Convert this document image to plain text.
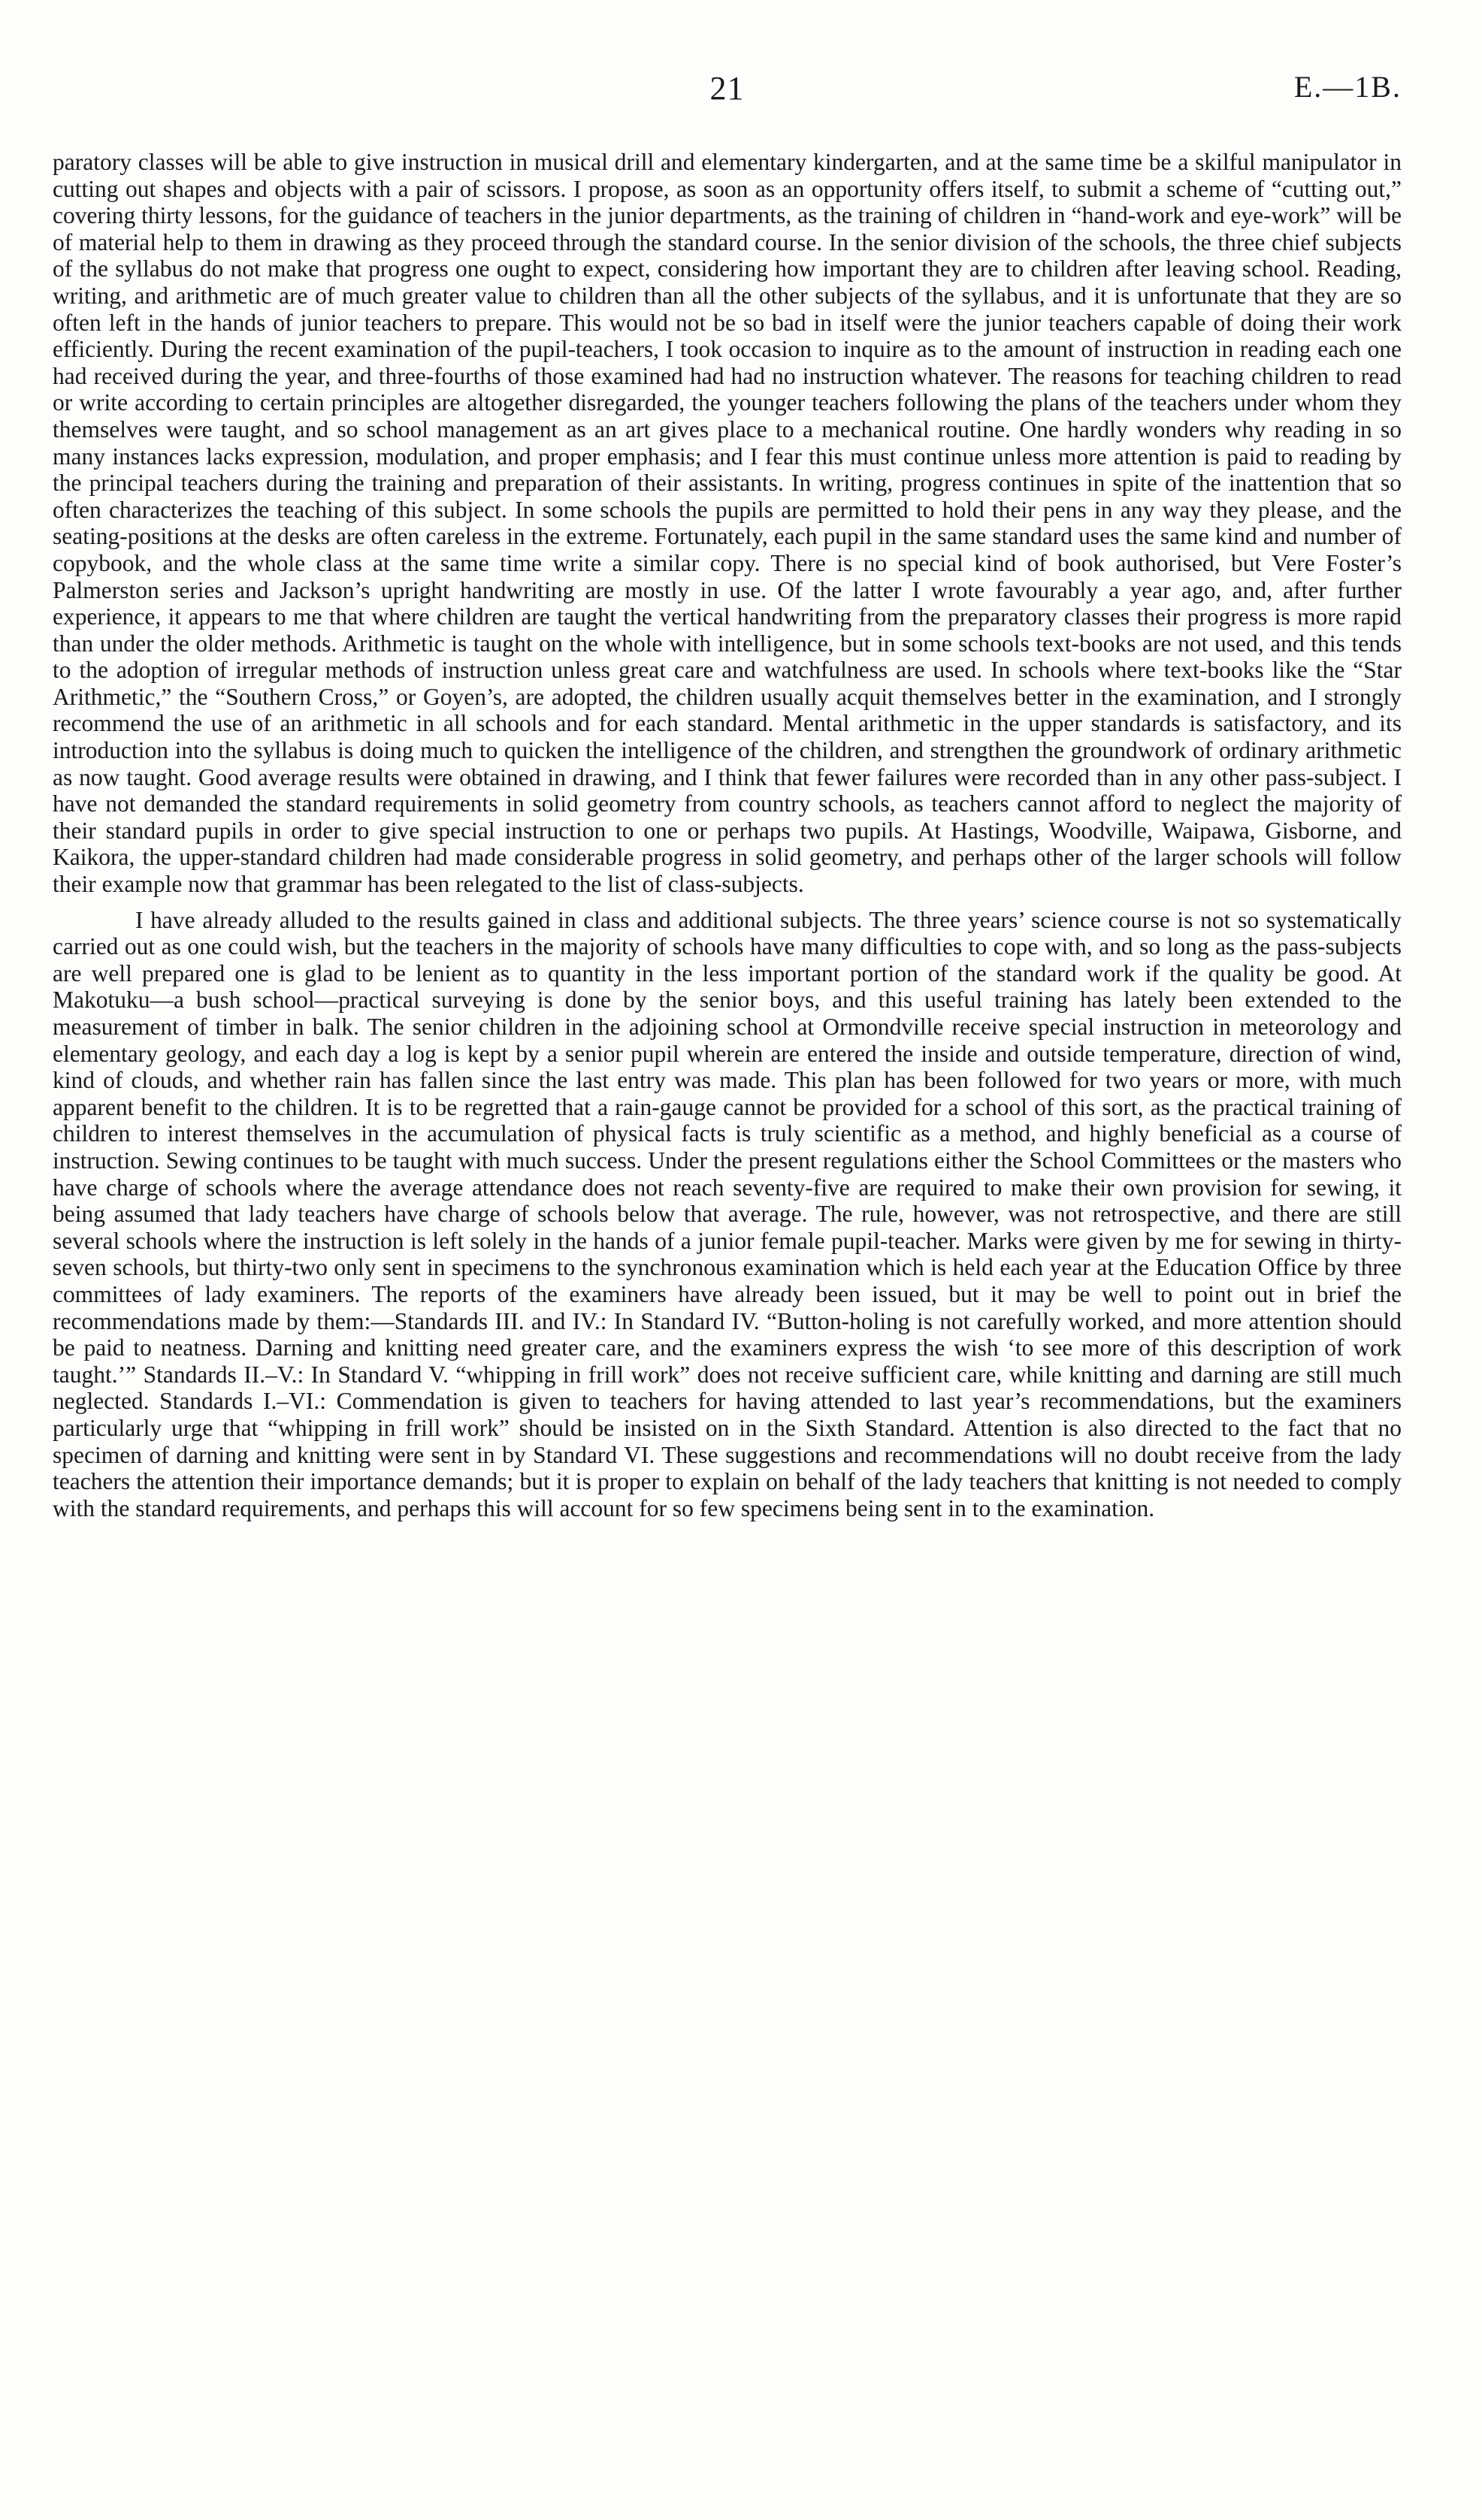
21	E.—1B.

paratory classes will be able to give instruction in musical drill and elementary kindergarten, and at the same time be a skilful manipulator in cutting out shapes and objects with a pair of scissors. I propose, as soon as an opportunity offers itself, to submit a scheme of “cutting out,” covering thirty lessons, for the guidance of teachers in the junior departments, as the training of children in “hand-work and eye-work” will be of material help to them in drawing as they proceed through the standard course. In the senior division of the schools, the three chief subjects of the syllabus do not make that progress one ought to expect, considering how important they are to children after leaving school. Reading, writing, and arithmetic are of much greater value to children than all the other subjects of the syllabus, and it is unfortunate that they are so often left in the hands of junior teachers to prepare. This would not be so bad in itself were the junior teachers capable of doing their work efficiently. During the recent examination of the pupil-teachers, I took occasion to inquire as to the amount of instruction in reading each one had received during the year, and three-fourths of those examined had had no instruction whatever. The reasons for teaching children to read or write according to certain principles are altogether disregarded, the younger teachers following the plans of the teachers under whom they themselves were taught, and so school management as an art gives place to a mechanical routine. One hardly wonders why reading in so many instances lacks expression, modulation, and proper emphasis; and I fear this must continue unless more attention is paid to reading by the principal teachers during the training and preparation of their assistants. In writing, progress continues in spite of the inattention that so often characterizes the teaching of this subject. In some schools the pupils are permitted to hold their pens in any way they please, and the seating-positions at the desks are often careless in the extreme. Fortunately, each pupil in the same standard uses the same kind and number of copybook, and the whole class at the same time write a similar copy. There is no special kind of book authorised, but Vere Foster’s Palmerston series and Jackson’s upright handwriting are mostly in use. Of the latter I wrote favourably a year ago, and, after further experience, it appears to me that where children are taught the vertical handwriting from the preparatory classes their progress is more rapid than under the older methods. Arithmetic is taught on the whole with intelligence, but in some schools text-books are not used, and this tends to the adoption of irregular methods of instruction unless great care and watchfulness are used. In schools where text-books like the “Star Arithmetic,” the “Southern Cross,” or Goyen’s, are adopted, the children usually acquit themselves better in the examination, and I strongly recommend the use of an arithmetic in all schools and for each standard. Mental arithmetic in the upper standards is satisfactory, and its introduction into the syllabus is doing much to quicken the intelligence of the children, and strengthen the groundwork of ordinary arithmetic as now taught. Good average results were obtained in drawing, and I think that fewer failures were recorded than in any other pass-subject. I have not demanded the standard requirements in solid geometry from country schools, as teachers cannot afford to neglect the majority of their standard pupils in order to give special instruction to one or perhaps two pupils. At Hastings, Woodville, Waipawa, Gisborne, and Kaikora, the upper-standard children had made considerable progress in solid geometry, and perhaps other of the larger schools will follow their example now that grammar has been relegated to the list of class-subjects.

I have already alluded to the results gained in class and additional subjects. The three years’ science course is not so systematically carried out as one could wish, but the teachers in the majority of schools have many difficulties to cope with, and so long as the pass-subjects are well prepared one is glad to be lenient as to quantity in the less important portion of the standard work if the quality be good. At Makotuku—a bush school—practical surveying is done by the senior boys, and this useful training has lately been extended to the measurement of timber in balk. The senior children in the adjoining school at Ormondville receive special instruction in meteorology and elementary geology, and each day a log is kept by a senior pupil wherein are entered the inside and outside temperature, direction of wind, kind of clouds, and whether rain has fallen since the last entry was made. This plan has been followed for two years or more, with much apparent benefit to the children. It is to be regretted that a rain-gauge cannot be provided for a school of this sort, as the practical training of children to interest themselves in the accumulation of physical facts is truly scientific as a method, and highly beneficial as a course of instruction. Sewing continues to be taught with much success. Under the present regulations either the School Committees or the masters who have charge of schools where the average attendance does not reach seventy-five are required to make their own provision for sewing, it being assumed that lady teachers have charge of schools below that average. The rule, however, was not retrospective, and there are still several schools where the instruction is left solely in the hands of a junior female pupil-teacher. Marks were given by me for sewing in thirty-seven schools, but thirty-two only sent in specimens to the synchronous examination which is held each year at the Education Office by three committees of lady examiners. The reports of the examiners have already been issued, but it may be well to point out in brief the recommendations made by them:—Standards III. and IV.: In Standard IV. “Button-holing is not carefully worked, and more attention should be paid to neatness. Darning and knitting need greater care, and the examiners express the wish ‘to see more of this description of work taught.’” Standards II.–V.: In Standard V. “whipping in frill work” does not receive sufficient care, while knitting and darning are still much neglected. Standards I.–VI.: Commendation is given to teachers for having attended to last year’s recommendations, but the examiners particularly urge that “whipping in frill work” should be insisted on in the Sixth Standard. Attention is also directed to the fact that no specimen of darning and knitting were sent in by Standard VI. These suggestions and recommendations will no doubt receive from the lady teachers the attention their importance demands; but it is proper to explain on behalf of the lady teachers that knitting is not needed to comply with the standard requirements, and perhaps this will account for so few specimens being sent in to the examination.
